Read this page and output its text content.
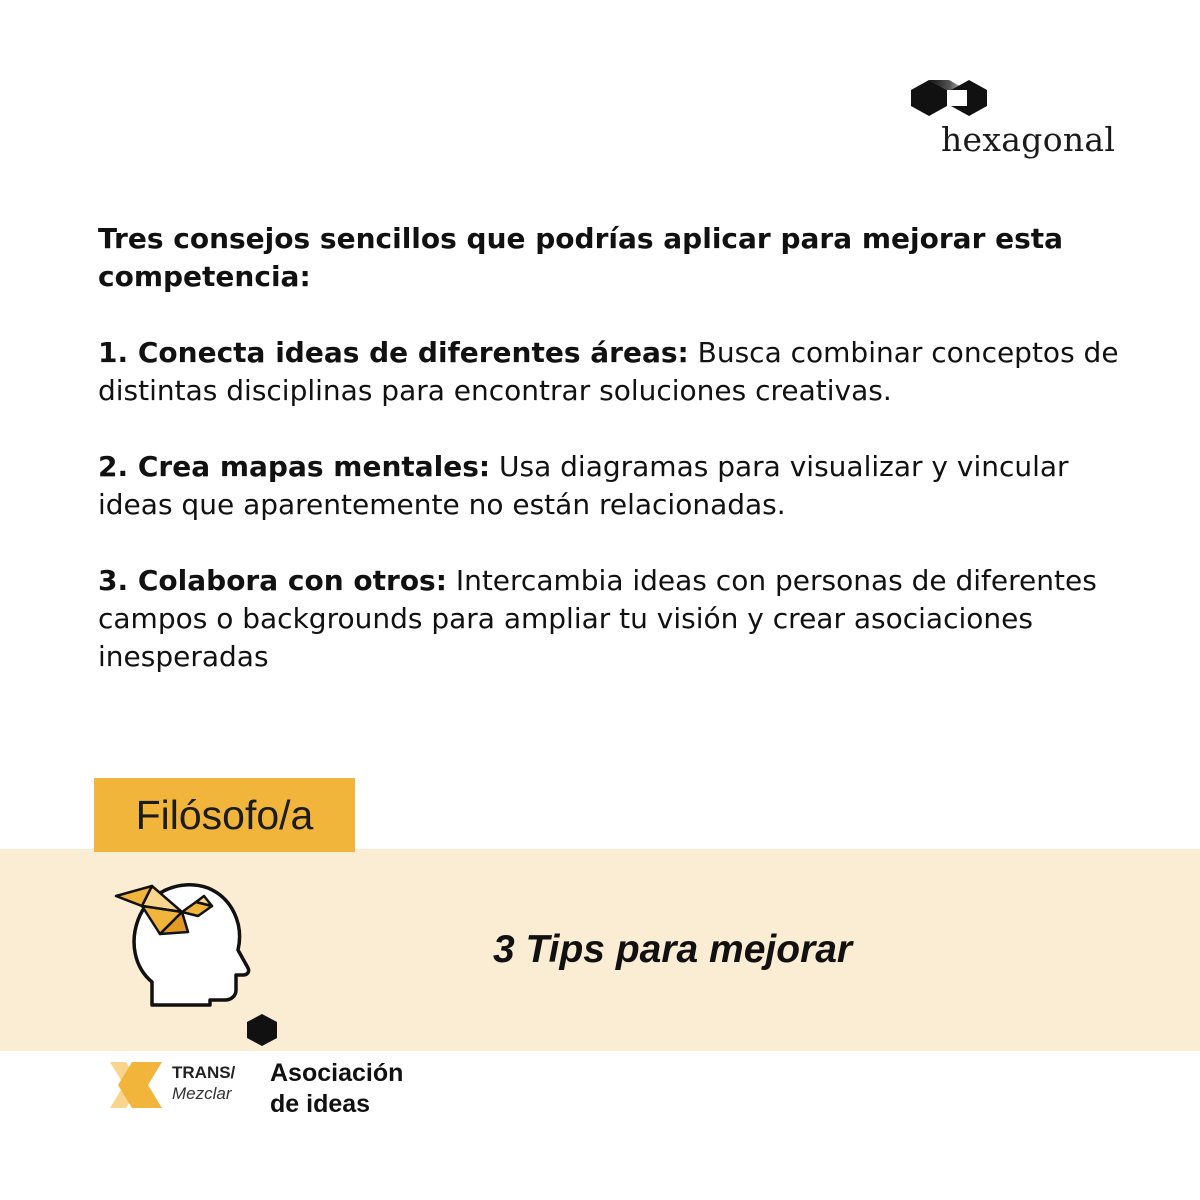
hexagonal

Tres consejos sencillos que podrías aplicar para mejorar esta competencia:

1. Conecta ideas de diferentes áreas: Busca combinar conceptos de distintas disciplinas para encontrar soluciones creativas.

2. Crea mapas mentales: Usa diagramas para visualizar y vincular ideas que aparentemente no están relacionadas.

3. Colabora con otros: Intercambia ideas con personas de diferentes campos o backgrounds para ampliar tu visión y crear asociaciones inesperadas

Filósofo/a
3 Tips para mejorar
TRANS/
Mezclar
Asociación
de ideas
